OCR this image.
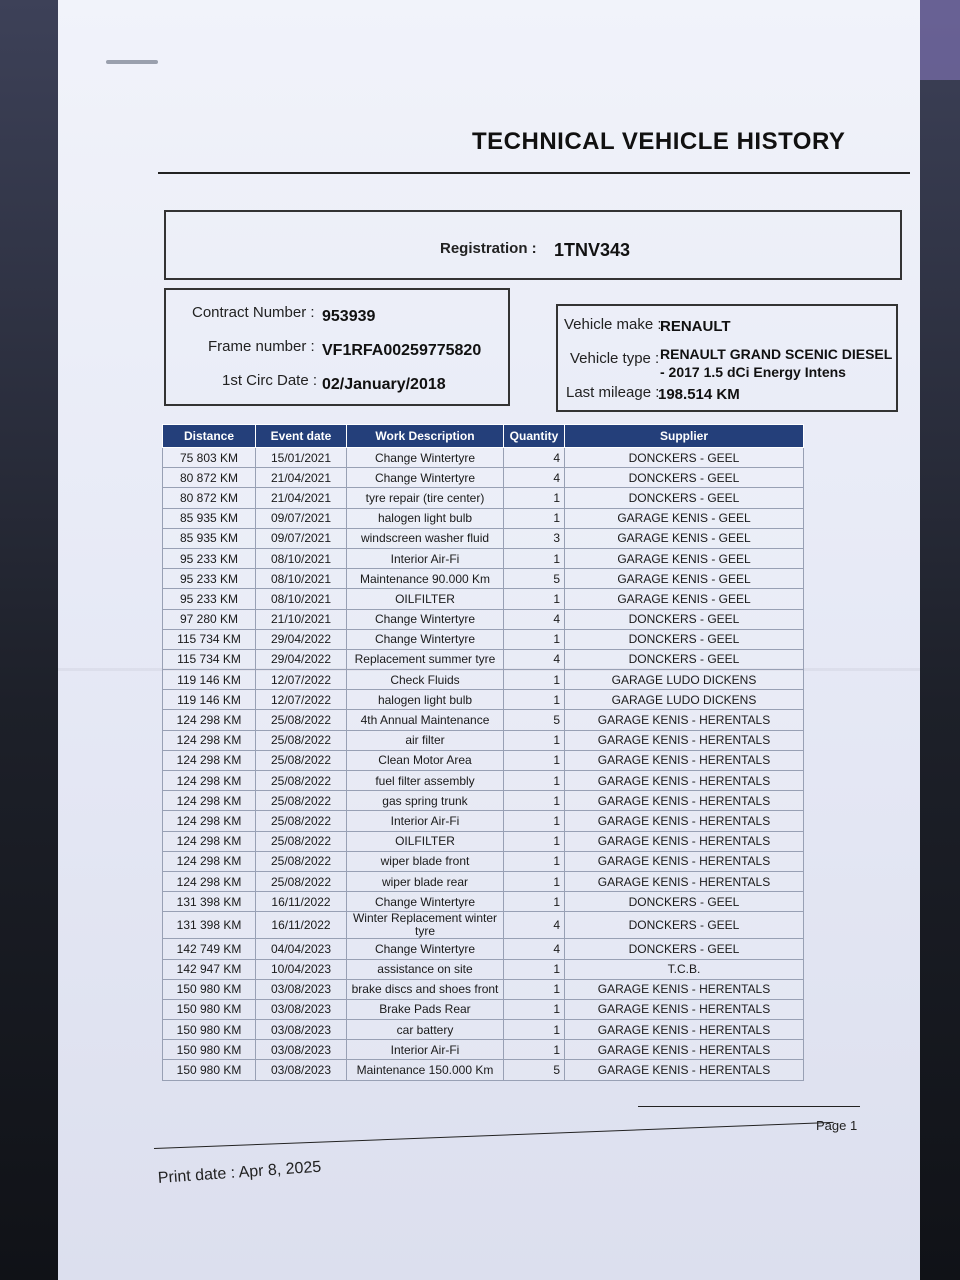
TECHNICAL VEHICLE HISTORY
Registration : 1TNV343
Contract Number : 953939
Frame number : VF1RFA00259775820
1st Circ Date : 02/January/2018
Vehicle make :
RENAULT
Vehicle type : RENAULT GRAND SCENIC DIESEL
- 2017 1.5 dCi Energy Intens
Last mileage :
198.514 KM
Distance	Event date	Work Description	Quantity	Supplier
75 803 KM	15/01/2021	Change Wintertyre	4	DONCKERS - GEEL
80 872 KM	21/04/2021	Change Wintertyre	4	DONCKERS - GEEL
80 872 KM	21/04/2021	tyre repair (tire center)	1	DONCKERS - GEEL
85 935 KM	09/07/2021	halogen light bulb	1	GARAGE KENIS - GEEL
85 935 KM	09/07/2021	windscreen washer fluid	3	GARAGE KENIS - GEEL
95 233 KM	08/10/2021	Interior Air-Fi	1	GARAGE KENIS - GEEL
95 233 KM	08/10/2021	Maintenance 90.000 Km	5	GARAGE KENIS - GEEL
95 233 KM	08/10/2021	OILFILTER	1	GARAGE KENIS - GEEL
97 280 KM	21/10/2021	Change Wintertyre	4	DONCKERS - GEEL
115 734 KM	29/04/2022	Change Wintertyre	1	DONCKERS - GEEL
115 734 KM	29/04/2022	Replacement summer tyre	4	DONCKERS - GEEL
119 146 KM	12/07/2022	Check Fluids	1	GARAGE LUDO DICKENS
119 146 KM	12/07/2022	halogen light bulb	1	GARAGE LUDO DICKENS
124 298 KM	25/08/2022	4th Annual Maintenance	5	GARAGE KENIS - HERENTALS
124 298 KM	25/08/2022	air filter	1	GARAGE KENIS - HERENTALS
124 298 KM	25/08/2022	Clean Motor Area	1	GARAGE KENIS - HERENTALS
124 298 KM	25/08/2022	fuel filter assembly	1	GARAGE KENIS - HERENTALS
124 298 KM	25/08/2022	gas spring trunk	1	GARAGE KENIS - HERENTALS
124 298 KM	25/08/2022	Interior Air-Fi	1	GARAGE KENIS - HERENTALS
124 298 KM	25/08/2022	OILFILTER	1	GARAGE KENIS - HERENTALS
124 298 KM	25/08/2022	wiper blade front	1	GARAGE KENIS - HERENTALS
124 298 KM	25/08/2022	wiper blade rear	1	GARAGE KENIS - HERENTALS
131 398 KM	16/11/2022	Change Wintertyre	1	DONCKERS - GEEL
131 398 KM	16/11/2022	Winter Replacement winter tyre	4	DONCKERS - GEEL
142 749 KM	04/04/2023	Change Wintertyre	4	DONCKERS - GEEL
142 947 KM	10/04/2023	assistance on site	1	T.C.B.
150 980 KM	03/08/2023	brake discs and shoes front	1	GARAGE KENIS - HERENTALS
150 980 KM	03/08/2023	Brake Pads Rear	1	GARAGE KENIS - HERENTALS
150 980 KM	03/08/2023	car battery	1	GARAGE KENIS - HERENTALS
150 980 KM	03/08/2023	Interior Air-Fi	1	GARAGE KENIS - HERENTALS
150 980 KM	03/08/2023	Maintenance 150.000 Km	5	GARAGE KENIS - HERENTALS
Page 1
Print date : Apr 8, 2025
